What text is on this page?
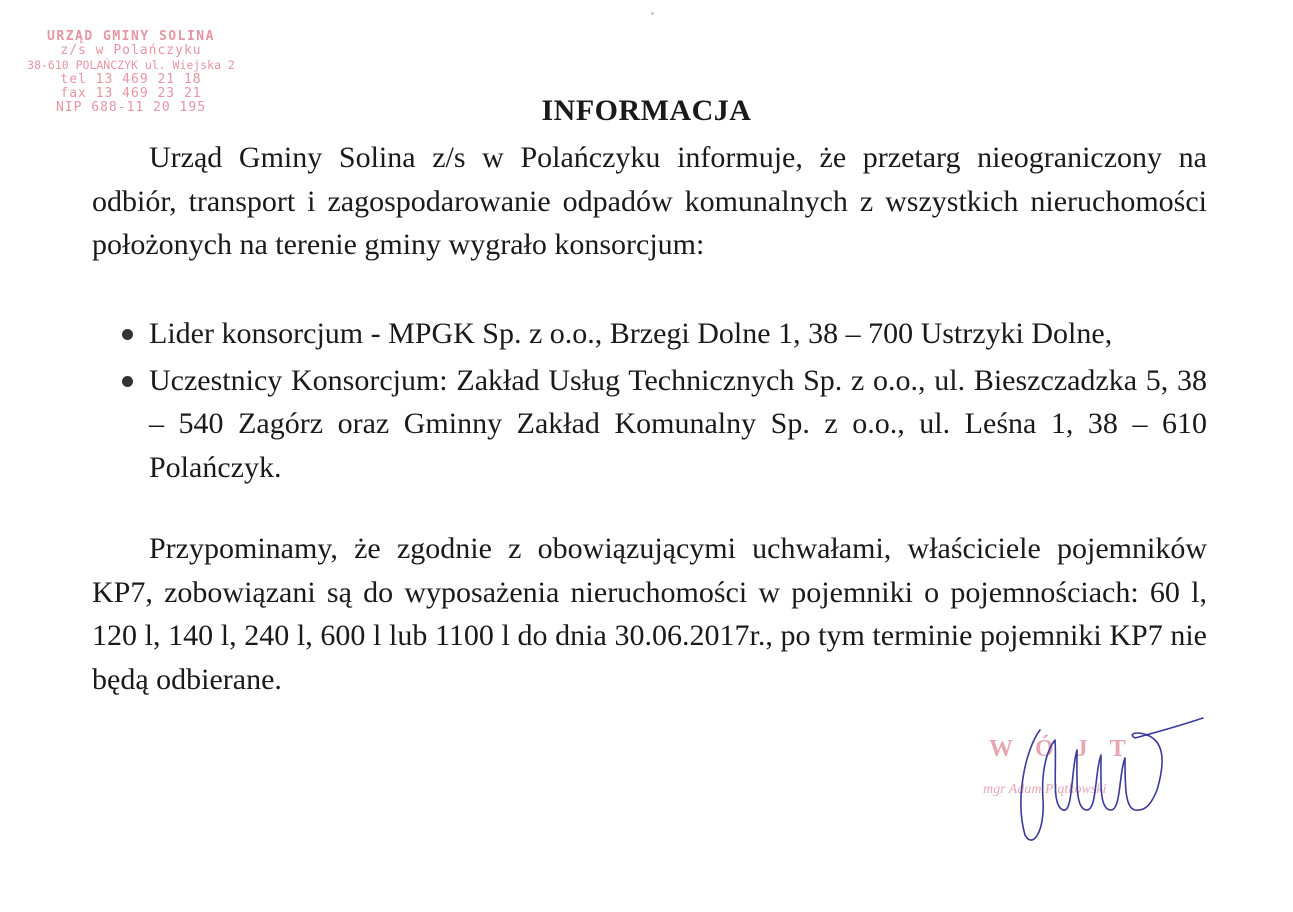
URZĄD GMINY SOLINA
z/s w Polańczyku
38-610 POLAŃCZYK ul. Wiejska 2
tel 13 469 21 18
fax 13 469 23 21
NIP 688-11 20 195	INFORMACJA
Urząd Gminy Solina z/s w Polańczyku informuje, że przetarg nieograniczony na odbiór, transport i zagospodarowanie odpadów komunalnych z wszystkich nieruchomości położonych na terenie gminy wygrało konsorcjum:
Lider konsorcjum - MPGK Sp. z o.o., Brzegi Dolne 1, 38 – 700 Ustrzyki Dolne,
Uczestnicy Konsorcjum: Zakład Usług Technicznych Sp. z o.o., ul. Bieszczadzka 5, 38 – 540 Zagórz oraz Gminny Zakład Komunalny Sp. z o.o., ul. Leśna 1, 38 – 610 Polańczyk.
Przypominamy, że zgodnie z obowiązującymi uchwałami, właściciele pojemników KP7, zobowiązani są do wyposażenia nieruchomości w pojemniki o pojemnościach: 60 l, 120 l, 140 l, 240 l, 600 l lub 1100 l do dnia 30.06.2017r., po tym terminie pojemniki KP7 nie będą odbierane.
WÓJT
mgr Adam Piątkowski
